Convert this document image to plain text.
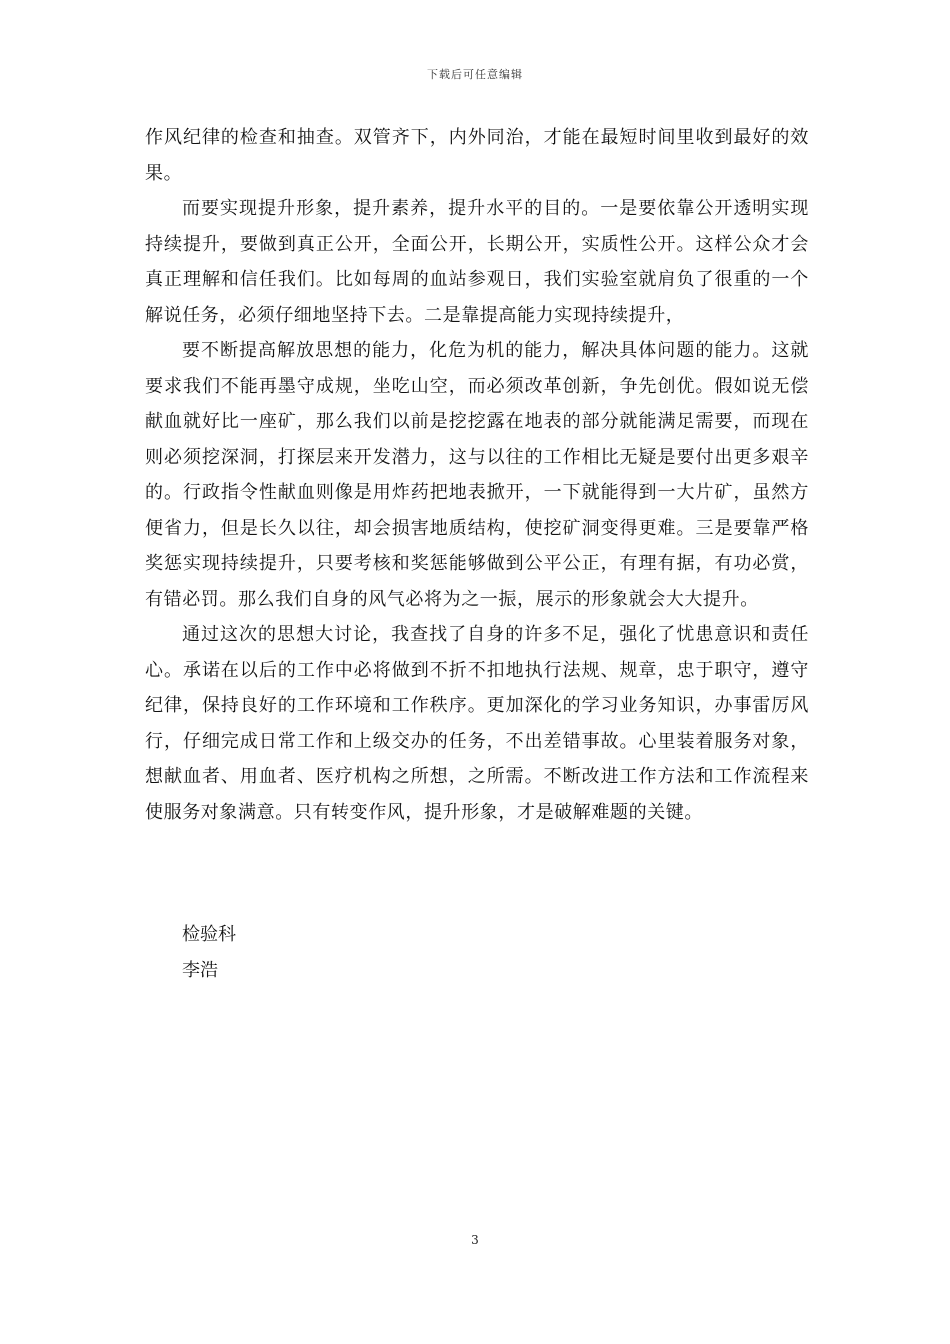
下载后可任意编辑

作风纪律的检查和抽查。双管齐下，内外同治，才能在最短时间里收到最好的效果。

而要实现提升形象，提升素养，提升水平的目的。一是要依靠公开透明实现持续提升，要做到真正公开，全面公开，长期公开，实质性公开。这样公众才会真正理解和信任我们。比如每周的血站参观日，我们实验室就肩负了很重的一个解说任务，必须仔细地坚持下去。二是靠提高能力实现持续提升，

要不断提高解放思想的能力，化危为机的能力，解决具体问题的能力。这就要求我们不能再墨守成规，坐吃山空，而必须改革创新，争先创优。假如说无偿献血就好比一座矿，那么我们以前是挖挖露在地表的部分就能满足需要，而现在则必须挖深洞，打探层来开发潜力，这与以往的工作相比无疑是要付出更多艰辛的。行政指令性献血则像是用炸药把地表掀开，一下就能得到一大片矿，虽然方便省力，但是长久以往，却会损害地质结构，使挖矿洞变得更难。三是要靠严格奖惩实现持续提升，只要考核和奖惩能够做到公平公正，有理有据，有功必赏，有错必罚。那么我们自身的风气必将为之一振，展示的形象就会大大提升。

通过这次的思想大讨论，我查找了自身的许多不足，强化了忧患意识和责任心。承诺在以后的工作中必将做到不折不扣地执行法规、规章，忠于职守，遵守纪律，保持良好的工作环境和工作秩序。更加深化的学习业务知识，办事雷厉风行，仔细完成日常工作和上级交办的任务，不出差错事故。心里装着服务对象，想献血者、用血者、医疗机构之所想，之所需。不断改进工作方法和工作流程来使服务对象满意。只有转变作风，提升形象，才是破解难题的关键。

检验科
李浩
3
